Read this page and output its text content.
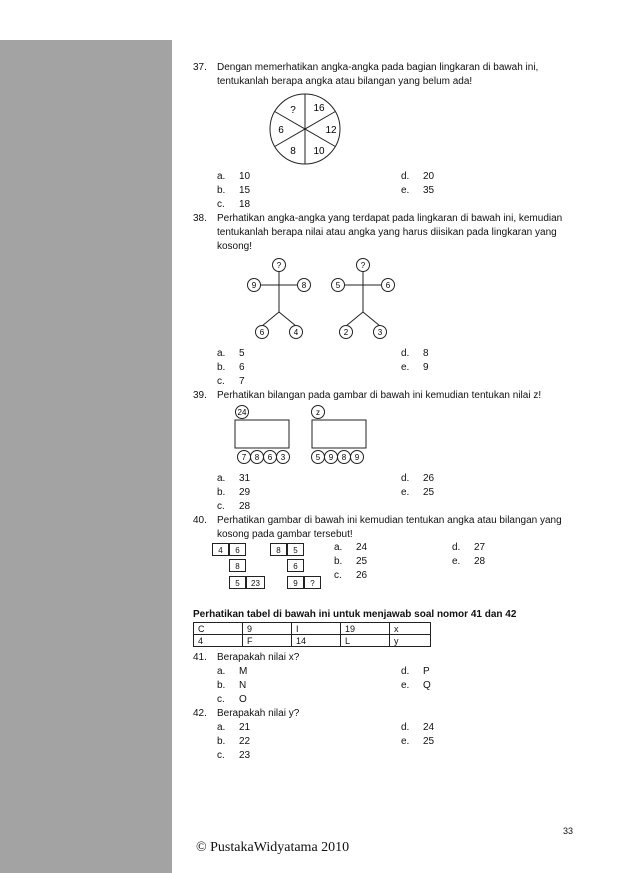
37. Dengan memerhatikan angka-angka pada bagian lingkaran di bawah ini,
tentukanlah berapa angka atau bilangan yang belum ada!
? 16
12
10
8
6
a. 10
b. 15
c. 18
d. 20
e. 35
38. Perhatikan angka-angka yang terdapat pada lingkaran di bawah ini, kemudian
tentukanlah berapa nilai atau angka yang harus diisikan pada lingkaran yang
kosong!
?
9	8
6	4
?
5	6
2	3
a. 5
b. 6
c. 7
d. 8
e. 9
39. Perhatikan bilangan pada gambar di bawah ini kemudian tentukan nilai z!
24
7 8 6 3
z
5 9 8 9
a. 31
b. 29
c. 28
d. 26
e. 25
40. Perhatikan gambar di bawah ini kemudian tentukan angka atau bilangan yang
kosong pada gambar tersebut!
4	6
8
5	23
8	5
6
9	?
a. 24
b. 25
c. 26
d. 27
e. 28
Perhatikan tabel di bawah ini untuk menjawab soal nomor 41 dan 42
C	9	I	19	x
4	F	14	L	y
41. Berapakah nilai x?
a. M
b. N
c. O
d. P
e. Q
42. Berapakah nilai y?
a. 21
b. 22
c. 23
d. 24
e. 25
33
© PustakaWidyatama 2010
